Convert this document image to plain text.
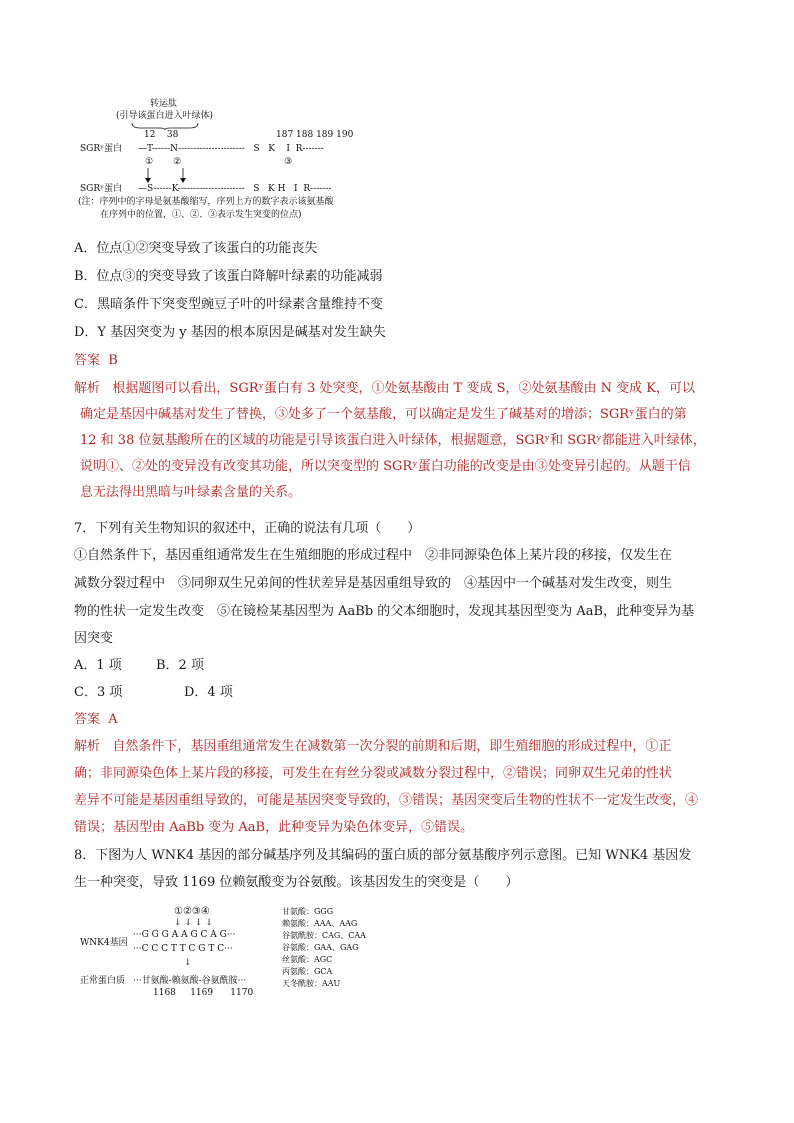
转运肽
(引导该蛋白进入叶绿体)
12    38	187 188 189 190
SGRʸ蛋白 —T------N----------------------   S   K    I  R-------
①       ②                                    ③
SGRʸ蛋白 —S------K----------------------   S   K H   I  R-------
(注：序列中的字母是氨基酸缩写，序列上方的数字表示该氨基酸
在序列中的位置，①、②、③表示发生突变的位点)
A．位点①②突变导致了该蛋白的功能丧失
B．位点③的突变导致了该蛋白降解叶绿素的功能减弱
C．黑暗条件下突变型豌豆子叶的叶绿素含量维持不变
D．Y 基因突变为 y 基因的根本原因是碱基对发生缺失
答案 B
解析 根据题图可以看出，SGRʸ蛋白有 3 处突变，①处氨基酸由 T 变成 S，②处氨基酸由 N 变成 K，可以
确定是基因中碱基对发生了替换，③处多了一个氨基酸，可以确定是发生了碱基对的增添；SGRʸ蛋白的第
12 和 38 位氨基酸所在的区域的功能是引导该蛋白进入叶绿体，根据题意，SGRʸ和 SGRʸ都能进入叶绿体，
说明①、②处的变异没有改变其功能，所以突变型的 SGRʸ蛋白功能的改变是由③处变异引起的。从题干信
息无法得出黑暗与叶绿素含量的关系。
7．下列有关生物知识的叙述中，正确的说法有几项（　　）
①自然条件下，基因重组通常发生在生殖细胞的形成过程中　②非同源染色体上某片段的移接，仅发生在
减数分裂过程中　③同卵双生兄弟间的性状差异是基因重组导致的　④基因中一个碱基对发生改变，则生
物的性状一定发生改变　⑤在镜检某基因型为 AaBb 的父本细胞时，发现其基因型变为 AaB，此种变异为基
因突变
A．1 项	B．2 项
C．3 项	D．4 项
答案 A
解析 自然条件下，基因重组通常发生在减数第一次分裂的前期和后期，即生殖细胞的形成过程中，①正
确；非同源染色体上某片段的移接，可发生在有丝分裂或减数分裂过程中，②错误；同卵双生兄弟的性状
差异不可能是基因重组导致的，可能是基因突变导致的，③错误；基因突变后生物的性状不一定发生改变，④
错误；基因型由 AaBb 变为 AaB，此种变异为染色体变异，⑤错误。
8．下图为人 WNK4 基因的部分碱基序列及其编码的蛋白质的部分氨基酸序列示意图。已知 WNK4 基因发
生一种突变，导致 1169 位赖氨酸变为谷氨酸。该基因发生的突变是（　　）
①②③④
↓ ↓ ↓ ↓
WNK4基因
···G G G A A G C A G···
···C C C T T C G T C···
↓
正常蛋白质 ···甘氨酸-赖氨酸-谷氨酰胺···
1168     1169      1170
甘氨酸：GGG
赖氨酸：AAA、AAG
谷氨酰胺：CAG、CAA
谷氨酸：GAA、GAG
丝氨酸：AGC
丙氨酸：GCA
天冬酰胺：AAU
